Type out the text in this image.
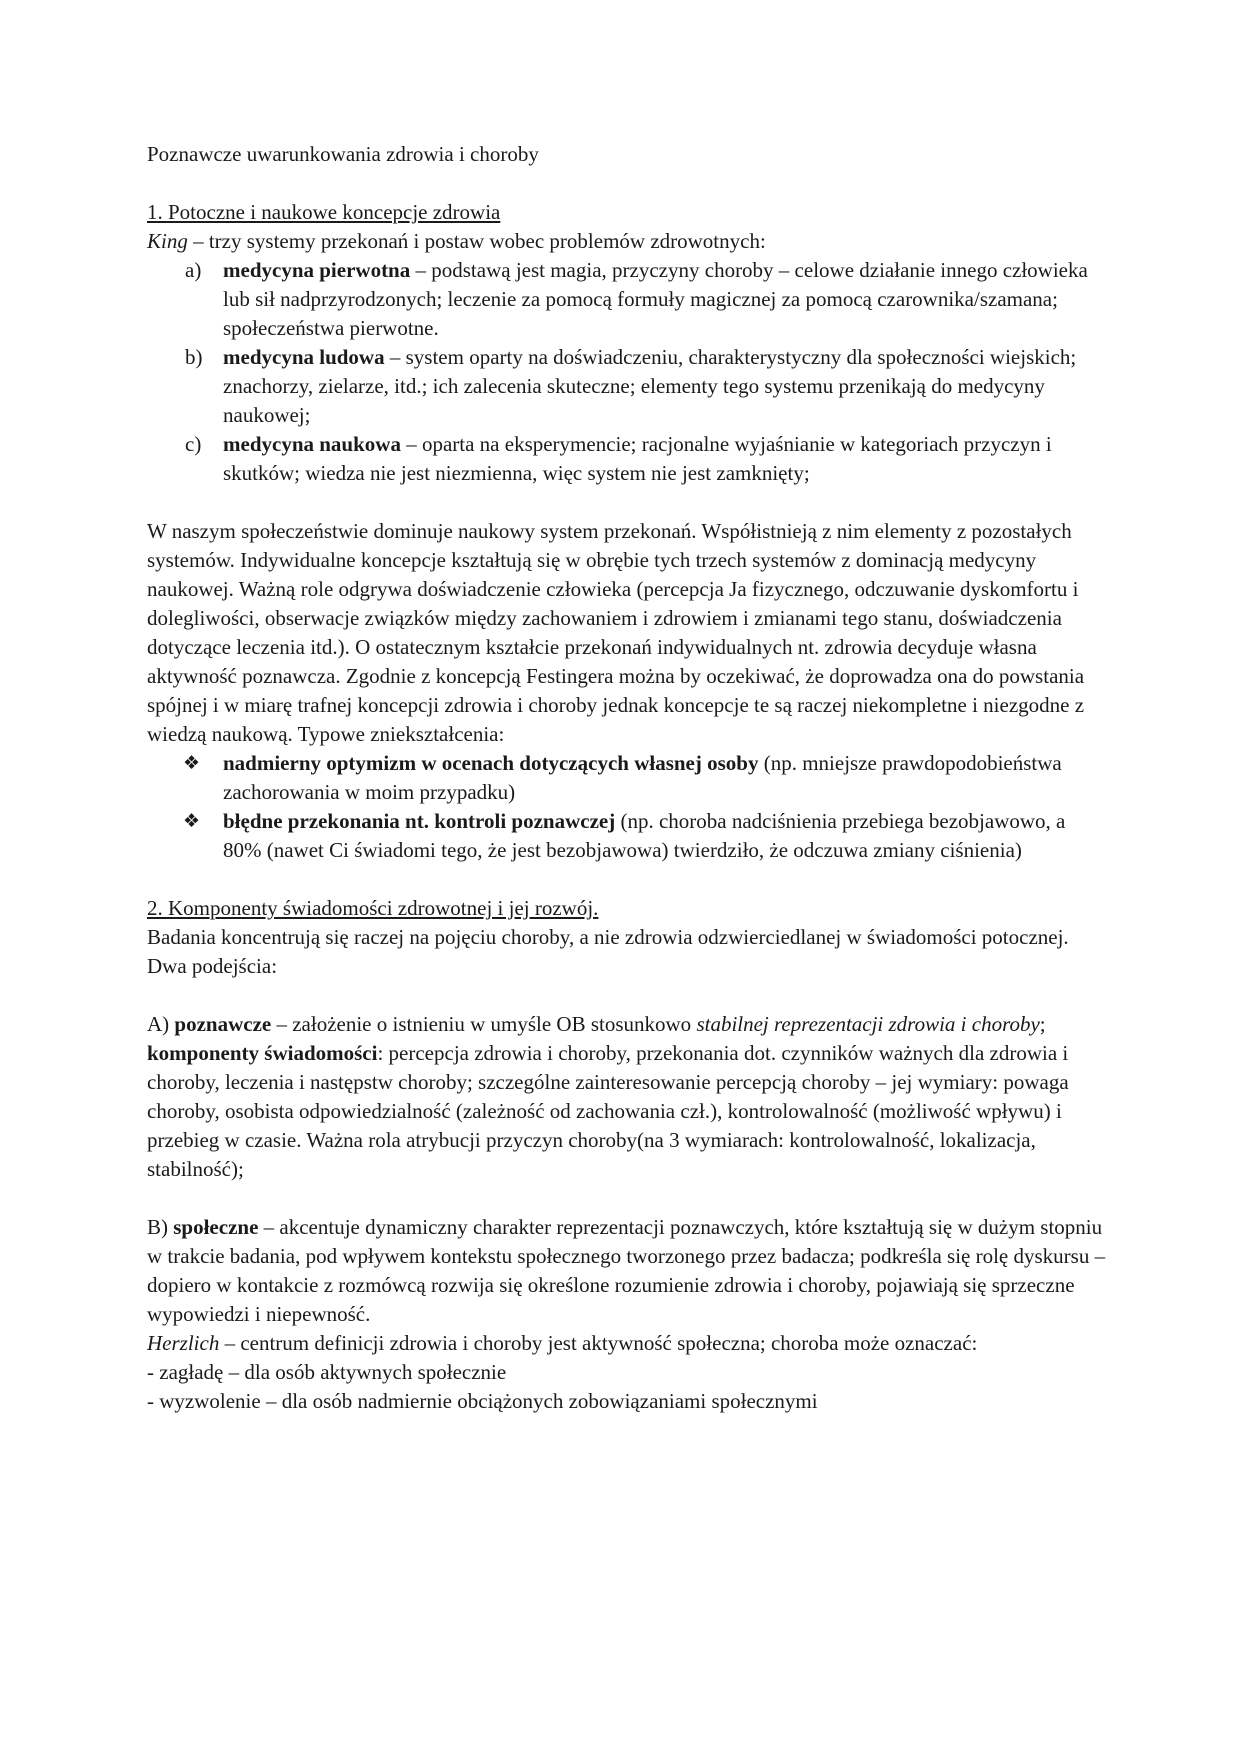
Poznawcze uwarunkowania zdrowia i choroby

1. Potoczne i naukowe koncepcje zdrowia

King – trzy systemy przekonań i postaw wobec problemów zdrowotnych:

a) medycyna pierwotna – podstawą jest magia, przyczyny choroby – celowe działanie innego człowieka lub sił nadprzyrodzonych; leczenie za pomocą formuły magicznej za pomocą czarownika/szamana; społeczeństwa pierwotne.
b) medycyna ludowa – system oparty na doświadczeniu, charakterystyczny dla społeczności wiejskich; znachorzy, zielarze, itd.; ich zalecenia skuteczne; elementy tego systemu przenikają do medycyny naukowej;
c) medycyna naukowa – oparta na eksperymencie; racjonalne wyjaśnianie w kategoriach przyczyn i skutków; wiedza nie jest niezmienna, więc system nie jest zamknięty;

W naszym społeczeństwie dominuje naukowy system przekonań. Współistnieją z nim elementy z pozostałych systemów. Indywidualne koncepcje kształtują się w obrębie tych trzech systemów z dominacją medycyny naukowej. Ważną role odgrywa doświadczenie człowieka (percepcja Ja fizycznego, odczuwanie dyskomfortu i dolegliwości, obserwacje związków między zachowaniem i zdrowiem i zmianami tego stanu, doświadczenia dotyczące leczenia itd.). O ostatecznym kształcie przekonań indywidualnych nt. zdrowia decyduje własna aktywność poznawcza. Zgodnie z koncepcją Festingera można by oczekiwać, że doprowadza ona do powstania spójnej i w miarę trafnej koncepcji zdrowia i choroby jednak koncepcje te są raczej niekompletne i niezgodne z wiedzą naukową. Typowe zniekształcenia:

❖ nadmierny optymizm w ocenach dotyczących własnej osoby (np. mniejsze prawdopodobieństwa zachorowania w moim przypadku)
❖ błędne przekonania nt. kontroli poznawczej (np. choroba nadciśnienia przebiega bezobjawowo, a 80% (nawet Ci świadomi tego, że jest bezobjawowa) twierdziło, że odczuwa zmiany ciśnienia)

2. Komponenty świadomości zdrowotnej i jej rozwój.

Badania koncentrują się raczej na pojęciu choroby, a nie zdrowia odzwierciedlanej w świadomości potocznej. Dwa podejścia:

A) poznawcze – założenie o istnieniu w umyśle OB stosunkowo stabilnej reprezentacji zdrowia i choroby; komponenty świadomości: percepcja zdrowia i choroby, przekonania dot. czynników ważnych dla zdrowia i choroby, leczenia i następstw choroby; szczególne zainteresowanie percepcją choroby – jej wymiary: powaga choroby, osobista odpowiedzialność (zależność od zachowania czł.), kontrolowalność (możliwość wpływu) i przebieg w czasie. Ważna rola atrybucji przyczyn choroby(na 3 wymiarach: kontrolowalność, lokalizacja, stabilność);

B) społeczne – akcentuje dynamiczny charakter reprezentacji poznawczych, które kształtują się w dużym stopniu w trakcie badania, pod wpływem kontekstu społecznego tworzonego przez badacza; podkreśla się rolę dyskursu – dopiero w kontakcie z rozmówcą rozwija się określone rozumienie zdrowia i choroby, pojawiają się sprzeczne wypowiedzi i niepewność.

Herzlich – centrum definicji zdrowia i choroby jest aktywność społeczna; choroba może oznaczać:

- zagładę – dla osób aktywnych społecznie

- wyzwolenie – dla osób nadmiernie obciążonych zobowiązaniami społecznymi
